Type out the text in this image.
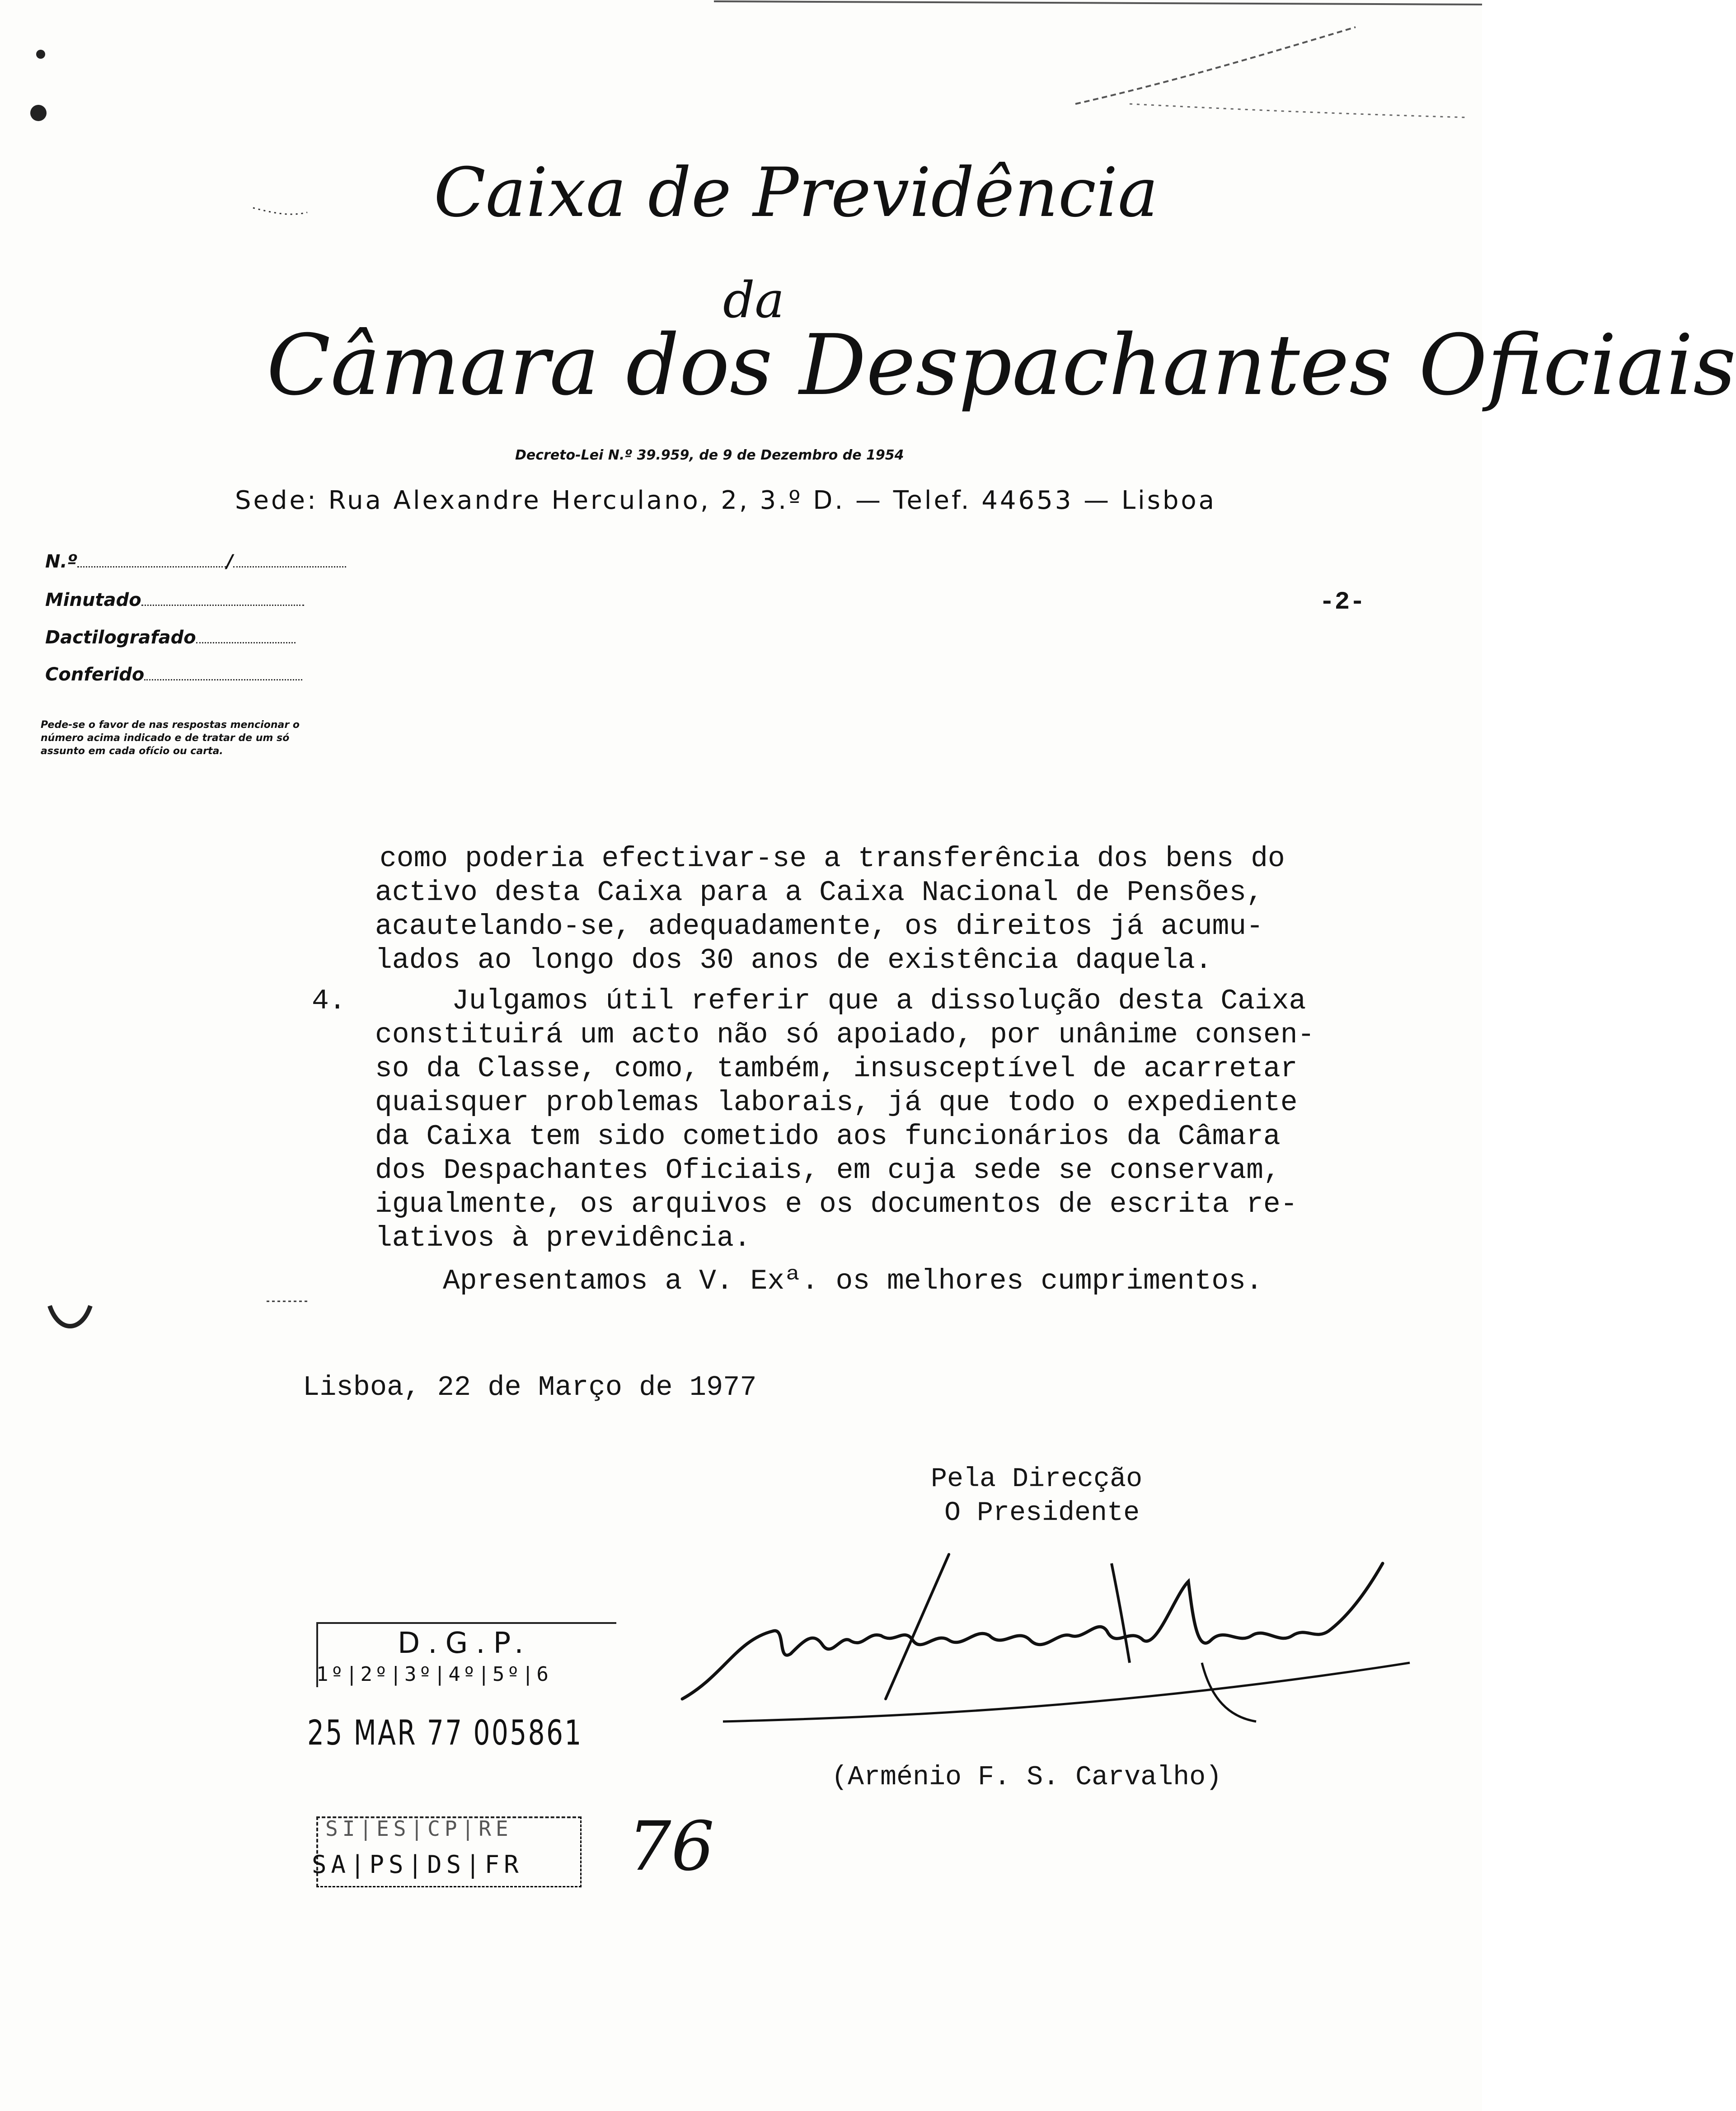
Caixa de Previdência
da
Câmara dos Despachantes Oficiais
Decreto-Lei N.º 39.959, de 9 de Dezembro de 1954
Sede: Rua Alexandre Herculano, 2, 3.º D. — Telef. 44653 — Lisboa
N.º	/
Minutado
Dactilografado
Conferido
Pede-se o favor de nas respostas mencionar o número acima indicado e de tratar de um só assunto em cada ofício ou carta.
-2-
como poderia efectivar-se a transferência dos bens do
activo desta Caixa para a Caixa Nacional de Pensões,
acautelando-se, adequadamente, os direitos já acumu-
lados ao longo dos 30 anos de existência daquela.
4.	Julgamos útil referir que a dissolução desta Caixa
constituirá um acto não só apoiado, por unânime consen-
so da Classe, como, também, insusceptível de acarretar
quaisquer problemas laborais, já que todo o expediente
da Caixa tem sido cometido aos funcionários da Câmara
dos Despachantes Oficiais, em cuja sede se conservam,
igualmente, os arquivos e os documentos de escrita re-
lativos à previdência.
Apresentamos a V. Exª. os melhores cumprimentos.
Lisboa, 22 de Março de 1977
Pela Direcção
O Presidente
(Arménio F. S. Carvalho)
D.G.P.
1º|2º|3º|4º|5º|6
25 MAR 77 005861
SI|ES|CP|RE
SA|PS|DS|FR 76
